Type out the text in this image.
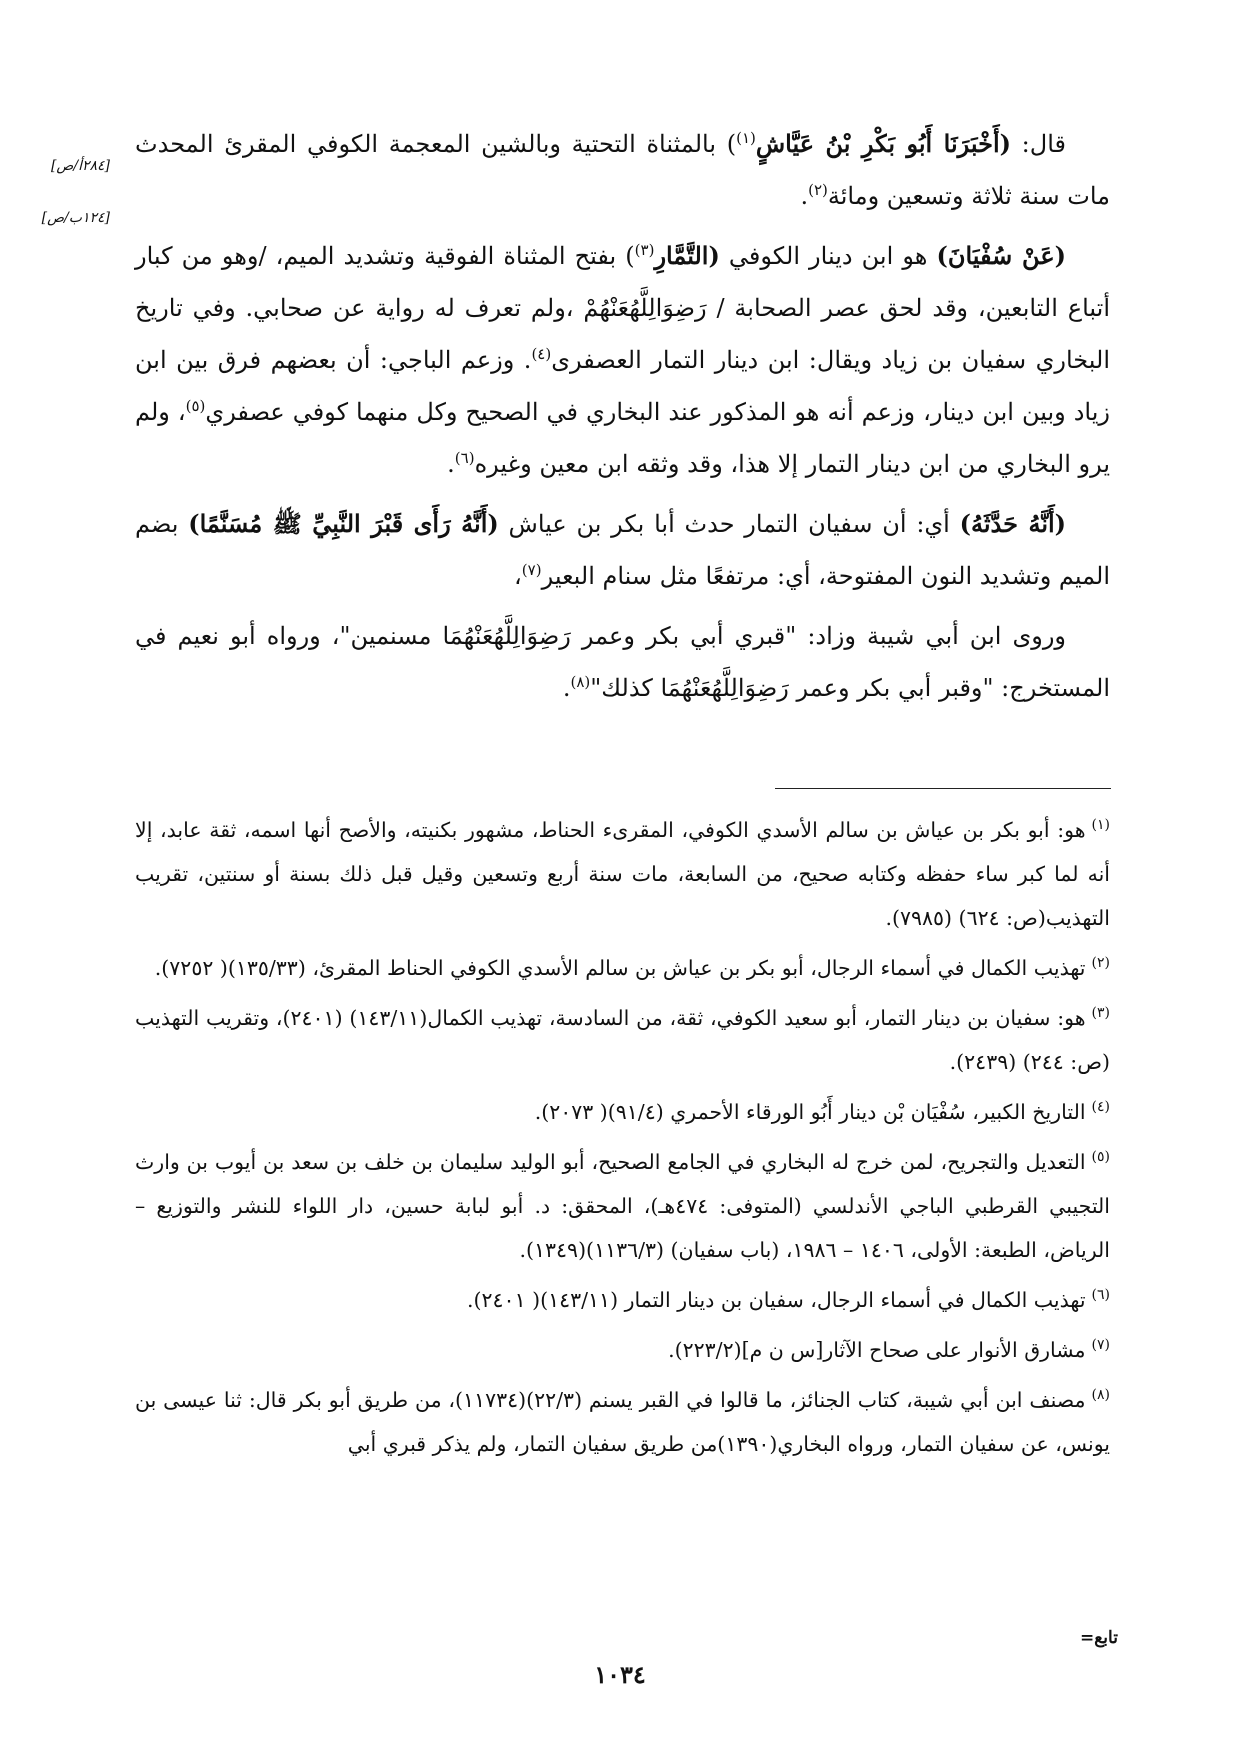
[٢٨٤أ/ص]
[١٢٤ب/ص]

قال: (أَخْبَرَنَا أَبُو بَكْرِ بْنُ عَيَّاشٍ$^{(١)}$) بالمثناة التحتية وبالشين المعجمة الكوفي المقرئ المحدث مات سنة ثلاثة وتسعين ومائة$^{(٢)}$.

(عَنْ سُفْيَانَ) هو ابن دينار الكوفي (التَّمَّارِ$^{(٣)}$) بفتح المثناة الفوقية وتشديد الميم، /وهو من كبار أتباع التابعين، وقد لحق عصر الصحابة / رَضِوَالِلَّهُعَنْهُمْ ،ولم تعرف له رواية عن صحابي. وفي تاريخ البخاري سفيان بن زياد ويقال: ابن دينار التمار العصفرى$^{(٤)}$. وزعم الباجي: أن بعضهم فرق بين ابن زياد وبين ابن دينار، وزعم أنه هو المذكور عند البخاري في الصحيح وكل منهما كوفي عصفري$^{(٥)}$، ولم يرو البخاري من ابن دينار التمار إلا هذا، وقد وثقه ابن معين وغيره$^{(٦)}$.

(أَنَّهُ حَدَّثَهُ) أي: أن سفيان التمار حدث أبا بكر بن عياش (أَنَّهُ رَأَى قَبْرَ النَّبِيِّ ﷺ مُسَنَّمًا) بضم الميم وتشديد النون المفتوحة، أي: مرتفعًا مثل سنام البعير$^{(٧)}$،

وروى ابن أبي شيبة وزاد: "قبري أبي بكر وعمر رَضِوَالِلَّهُعَنْهُمَا مسنمين"، ورواه أبو نعيم في المستخرج: "وقبر أبي بكر وعمر رَضِوَالِلَّهُعَنْهُمَا كذلك"$^{(٨)}$.

$^{(١)}$هو: أبو بكر بن عياش بن سالم الأسدي الكوفي، المقرىء الحناط، مشهور بكنيته، والأصح أنها اسمه، ثقة عابد، إلا أنه لما كبر ساء حفظه وكتابه صحيح، من السابعة، مات سنة أربع وتسعين وقيل قبل ذلك بسنة أو سنتين، تقريب التهذيب(ص: ٦٢٤) (٧٩٨٥).

$^{(٢)}$تهذيب الكمال في أسماء الرجال، أبو بكر بن عياش بن سالم الأسدي الكوفي الحناط المقرئ، (١٣٥/٣٣)( ٧٢٥٢).

$^{(٣)}$هو: سفيان بن دينار التمار، أبو سعيد الكوفي، ثقة، من السادسة، تهذيب الكمال(١٤٣/١١) (٢٤٠١)، وتقريب التهذيب (ص: ٢٤٤) (٢٤٣٩).

$^{(٤)}$التاريخ الكبير، سُفْيَان بْن دينار أَبُو الورقاء الأحمري (٩١/٤)( ٢٠٧٣).

$^{(٥)}$التعديل والتجريح، لمن خرج له البخاري في الجامع الصحيح، أبو الوليد سليمان بن خلف بن سعد بن أيوب بن وارث التجيبي القرطبي الباجي الأندلسي (المتوفى: ٤٧٤هـ)، المحقق: د. أبو لبابة حسين، دار اللواء للنشر والتوزيع – الرياض، الطبعة: الأولى، ١٤٠٦ – ١٩٨٦، (باب سفيان) (١١٣٦/٣)(١٣٤٩).

$^{(٦)}$تهذيب الكمال في أسماء الرجال، سفيان بن دينار التمار (١٤٣/١١)( ٢٤٠١).

$^{(٧)}$مشارق الأنوار على صحاح الآثار[س ن م](٢٢٣/٢).

$^{(٨)}$مصنف ابن أبي شيبة، كتاب الجنائز، ما قالوا في القبر يسنم (٢٢/٣)(١١٧٣٤)، من طريق أبو بكر قال: ثنا عيسى بن يونس، عن سفيان التمار، ورواه البخاري(١٣٩٠)من طريق سفيان التمار، ولم يذكر قبري أبي

تابع=
١٠٣٤
